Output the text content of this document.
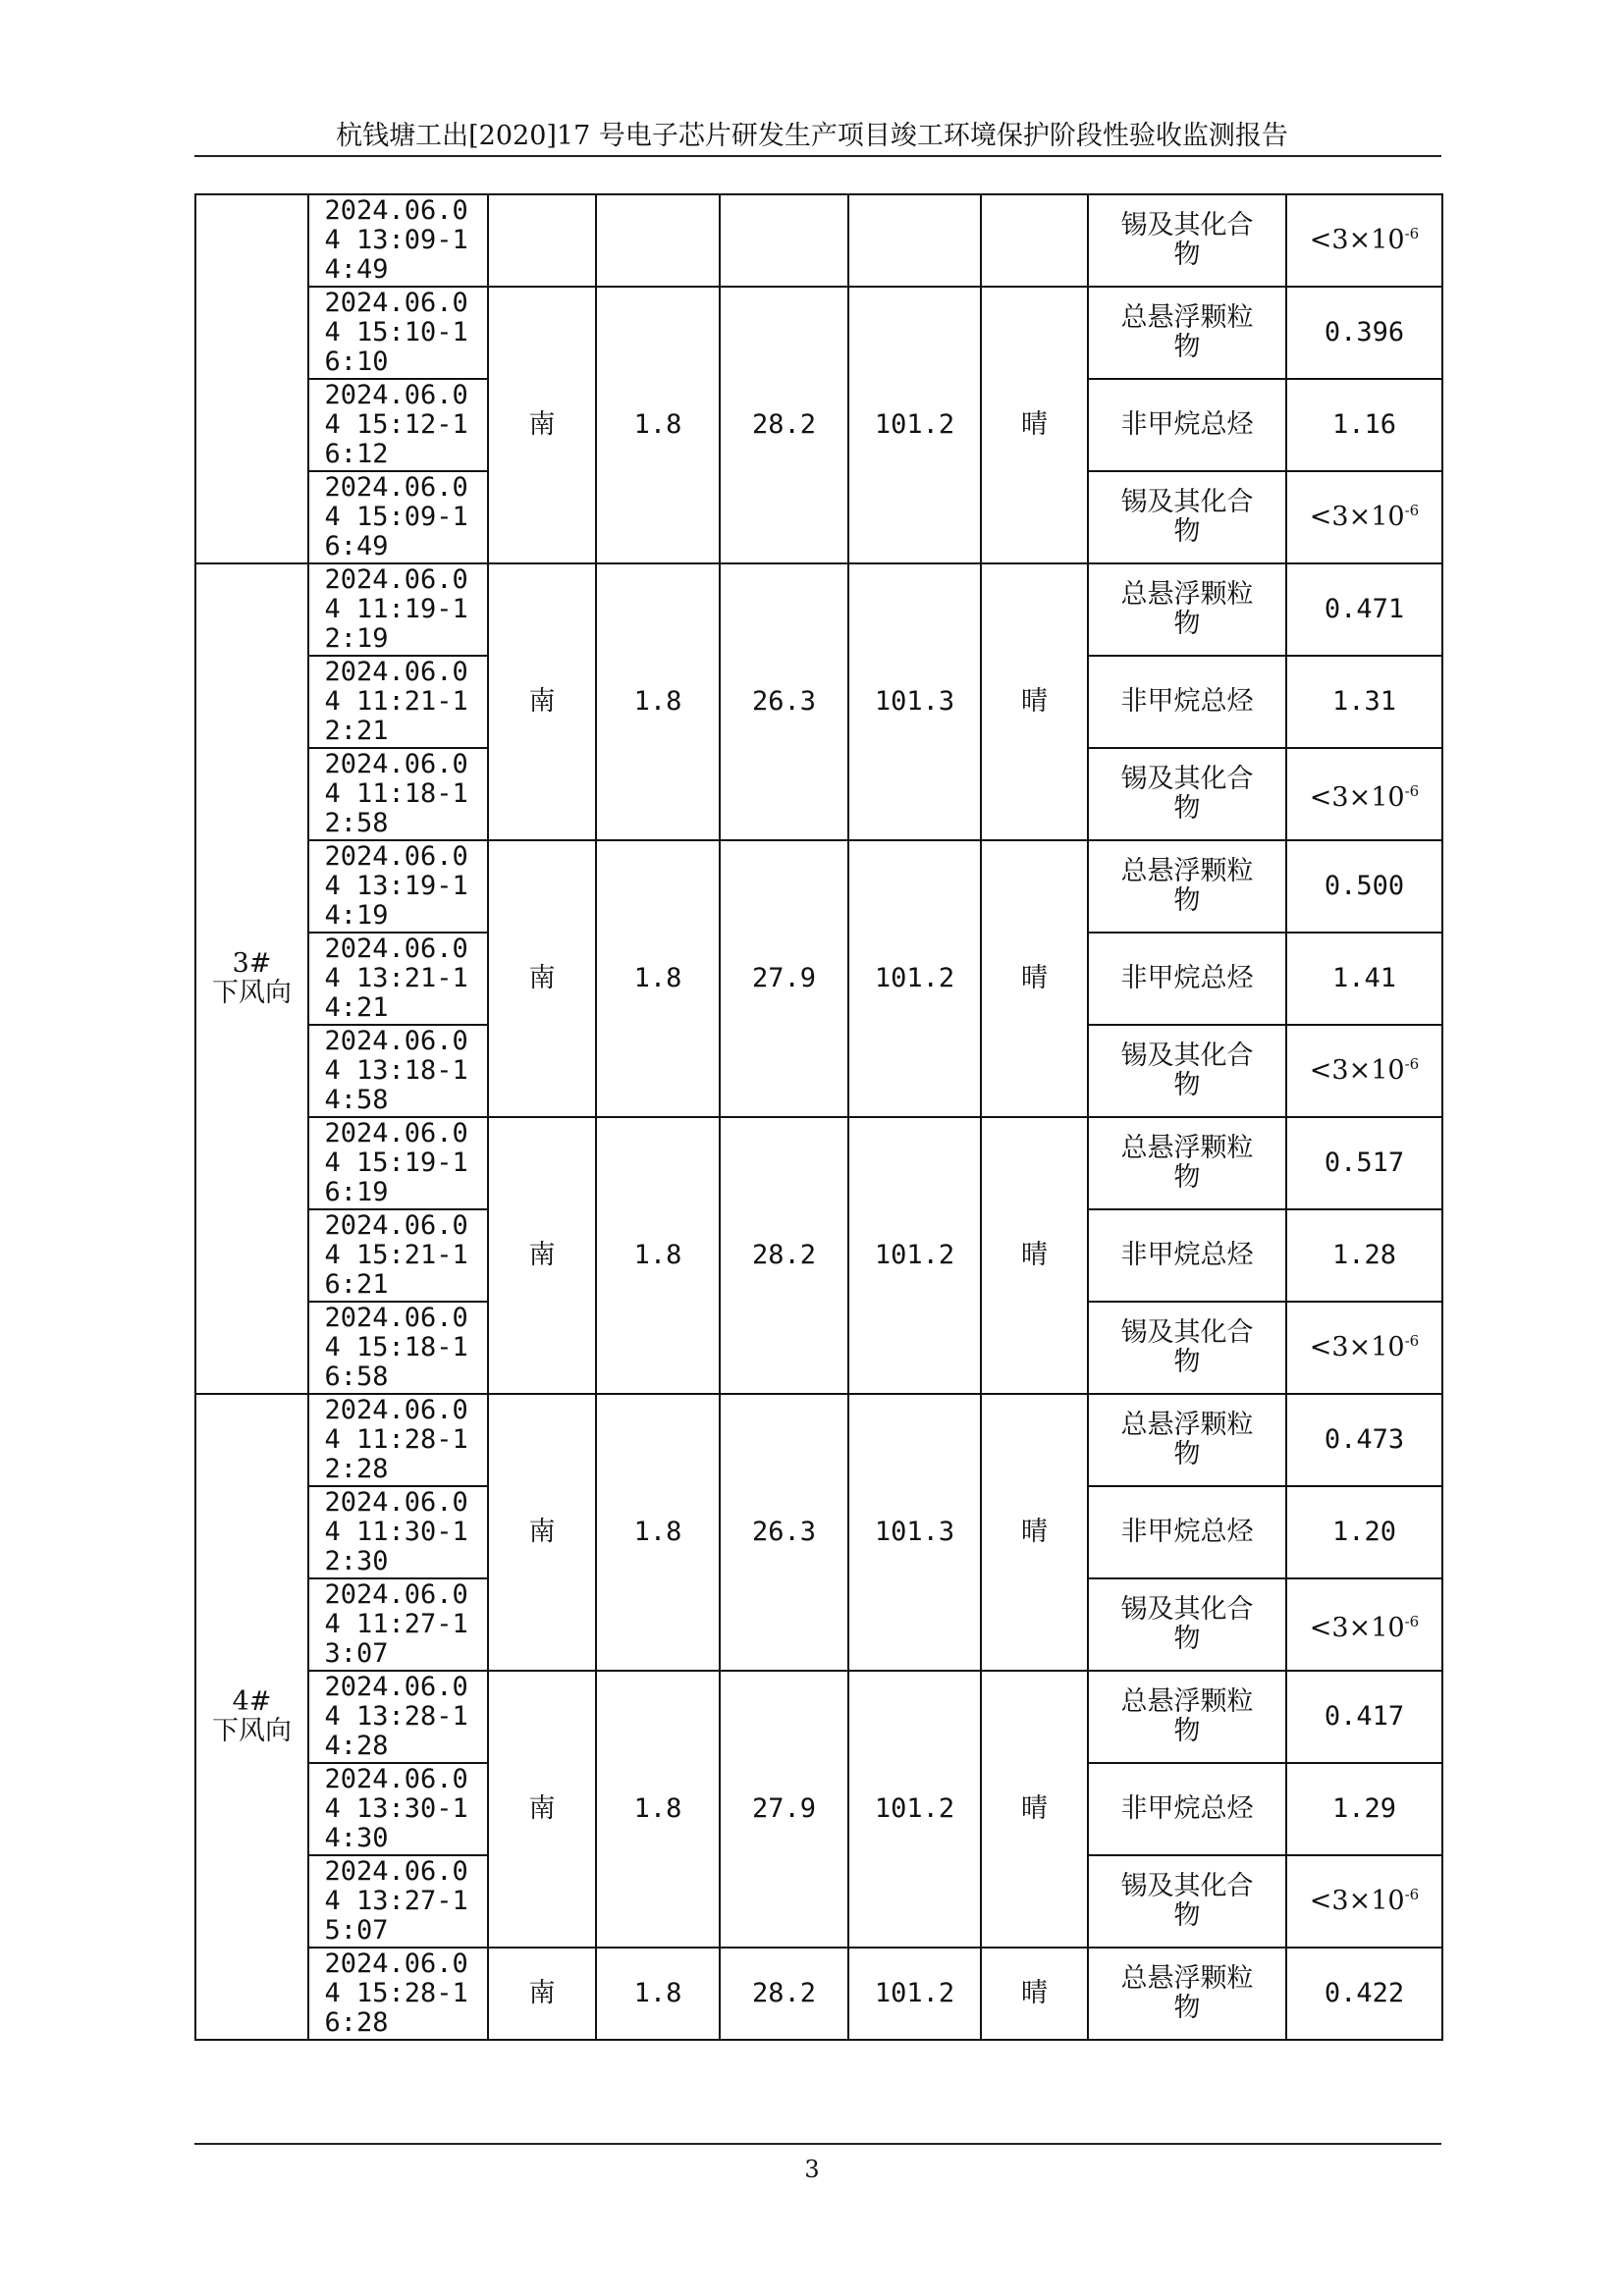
杭钱塘工出[2020]17 号电子芯片研发生产项目竣工环境保护阶段性验收监测报告
	2024.06.04 13:09-14:49						锡及其化合物	$<3\times 10^{-6}$
	2024.06.04 15:10-16:10	南	1.8	28.2	101.2	晴	总悬浮颗粒物	0.396
	2024.06.04 15:12-16:12						非甲烷总烃	1.16
	2024.06.04 15:09-16:49						锡及其化合物	$<3\times 10^{-6}$

3#
下风向	2024.06.04 11:19-12:19	南	1.8	26.3	101.3	晴	总悬浮颗粒物	0.471
	2024.06.04 11:21-12:21						非甲烷总烃	1.31
	2024.06.04 11:18-12:58						锡及其化合物	$<3\times 10^{-6}$
	2024.06.04 13:19-14:19	南	1.8	27.9	101.2	晴	总悬浮颗粒物	0.500
	2024.06.04 13:21-14:21						非甲烷总烃	1.41
	2024.06.04 13:18-14:58						锡及其化合物	$<3\times 10^{-6}$
	2024.06.04 15:19-16:19	南	1.8	28.2	101.2	晴	总悬浮颗粒物	0.517
	2024.06.04 15:21-16:21						非甲烷总烃	1.28
	2024.06.04 15:18-16:58						锡及其化合物	$<3\times 10^{-6}$

4#
下风向	2024.06.04 11:28-12:28	南	1.8	26.3	101.3	晴	总悬浮颗粒物	0.473
	2024.06.04 11:30-12:30						非甲烷总烃	1.20
	2024.06.04 11:27-13:07						锡及其化合物	$<3\times 10^{-6}$
	2024.06.04 13:28-14:28	南	1.8	27.9	101.2	晴	总悬浮颗粒物	0.417
	2024.06.04 13:30-14:30						非甲烷总烃	1.29
	2024.06.04 13:27-15:07						锡及其化合物	$<3\times 10^{-6}$
	2024.06.04 15:28-16:28	南	1.8	28.2	101.2	晴	总悬浮颗粒物	0.422
3
